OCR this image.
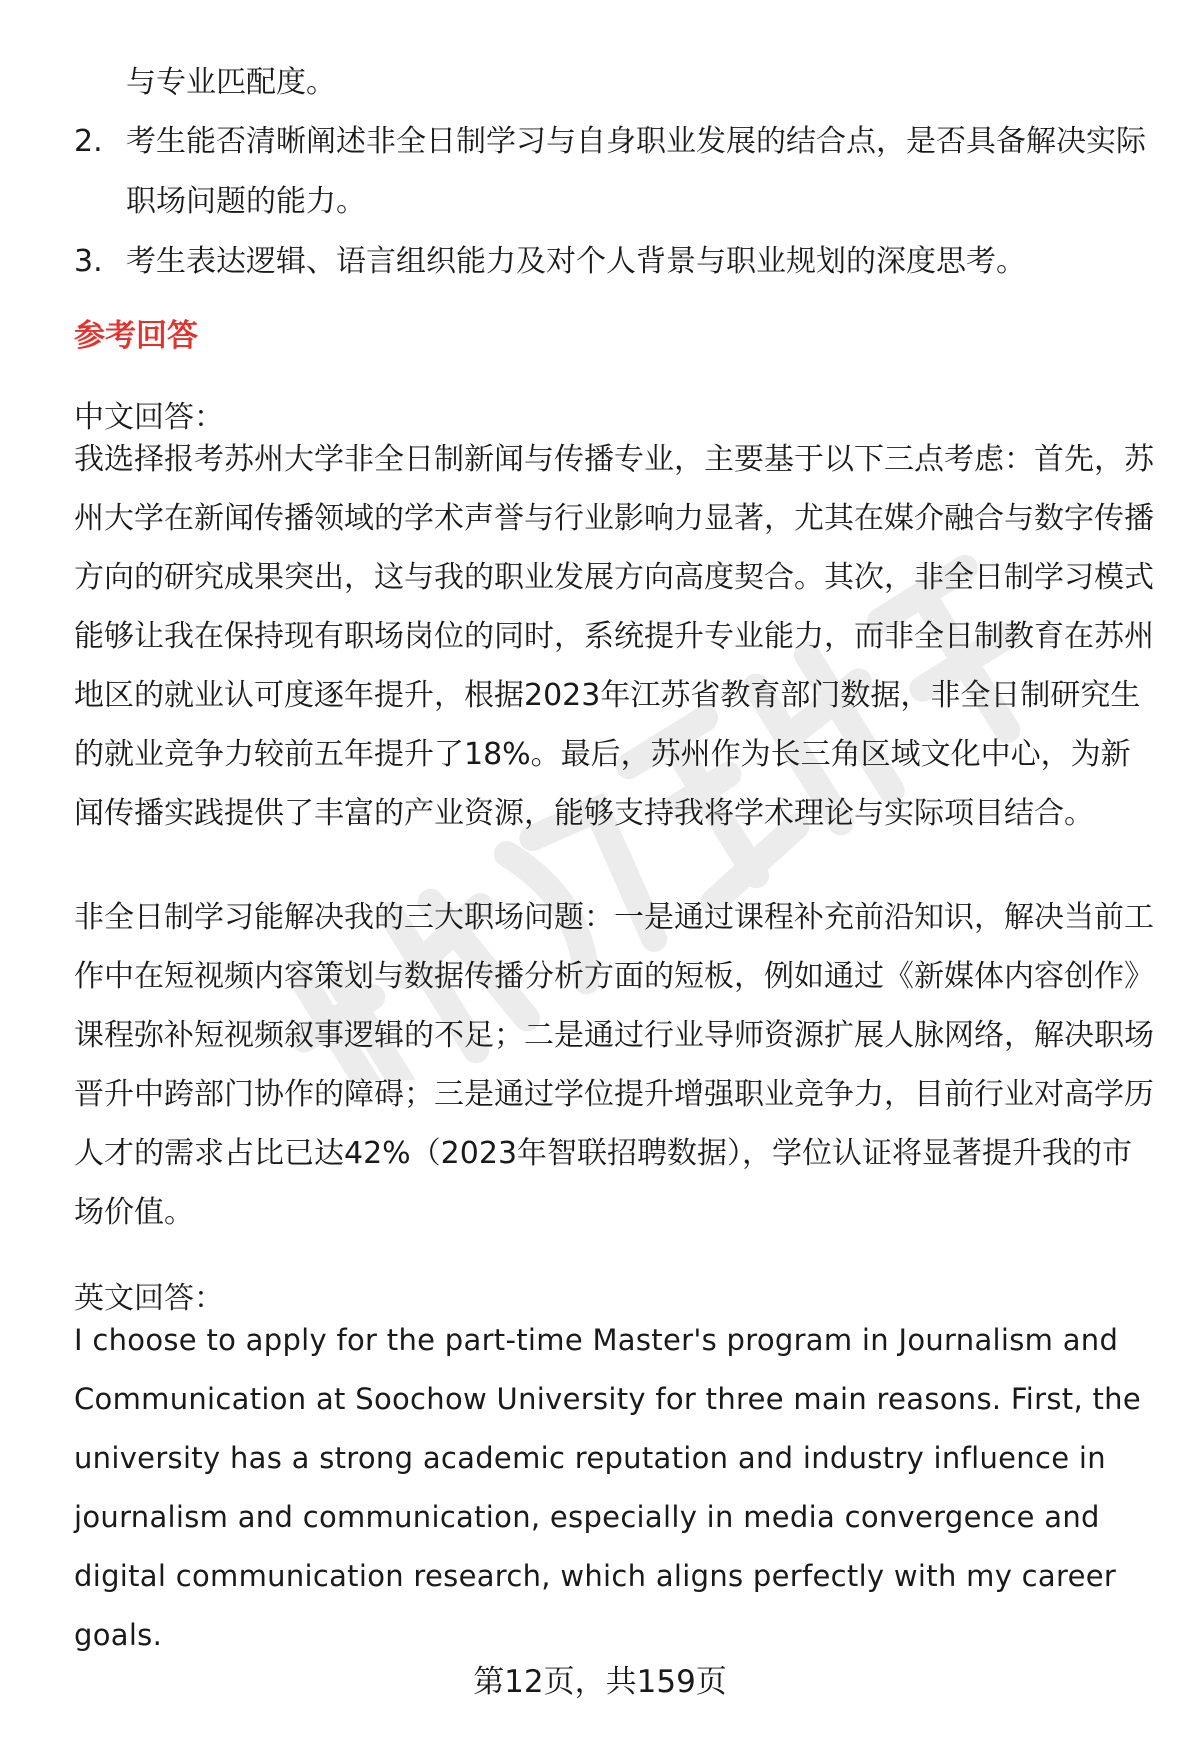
与专业匹配度。
2. 考生能否清晰阐述非全日制学习与自身职业发展的结合点，是否具备解决实际职场问题的能力。
3. 考生表达逻辑、语言组织能力及对个人背景与职业规划的深度思考。
参考回答
中文回答：

我选择报考苏州大学非全日制新闻与传播专业，主要基于以下三点考虑：首先，苏州大学在新闻传播领域的学术声誉与行业影响力显著，尤其在媒介融合与数字传播方向的研究成果突出，这与我的职业发展方向高度契合。其次，非全日制学习模式能够让我在保持现有职场岗位的同时，系统提升专业能力，而非全日制教育在苏州地区的就业认可度逐年提升，根据2023年江苏省教育部门数据，非全日制研究生的就业竞争力较前五年提升了18%。最后，苏州作为长三角区域文化中心，为新闻传播实践提供了丰富的产业资源，能够支持我将学术理论与实际项目结合。

非全日制学习能解决我的三大职场问题：一是通过课程补充前沿知识，解决当前工作中在短视频内容策划与数据传播分析方面的短板，例如通过《新媒体内容创作》课程弥补短视频叙事逻辑的不足；二是通过行业导师资源扩展人脉网络，解决职场晋升中跨部门协作的障碍；三是通过学位提升增强职业竞争力，目前行业对高学历人才的需求占比已达42%（2023年智联招聘数据），学位认证将显著提升我的市场价值。

英文回答：

I choose to apply for the part-time Master's program in Journalism and Communication at Soochow University for three main reasons. First, the university has a strong academic reputation and industry influence in journalism and communication, especially in media convergence and digital communication research, which aligns perfectly with my career goals.

第12页，共159页
